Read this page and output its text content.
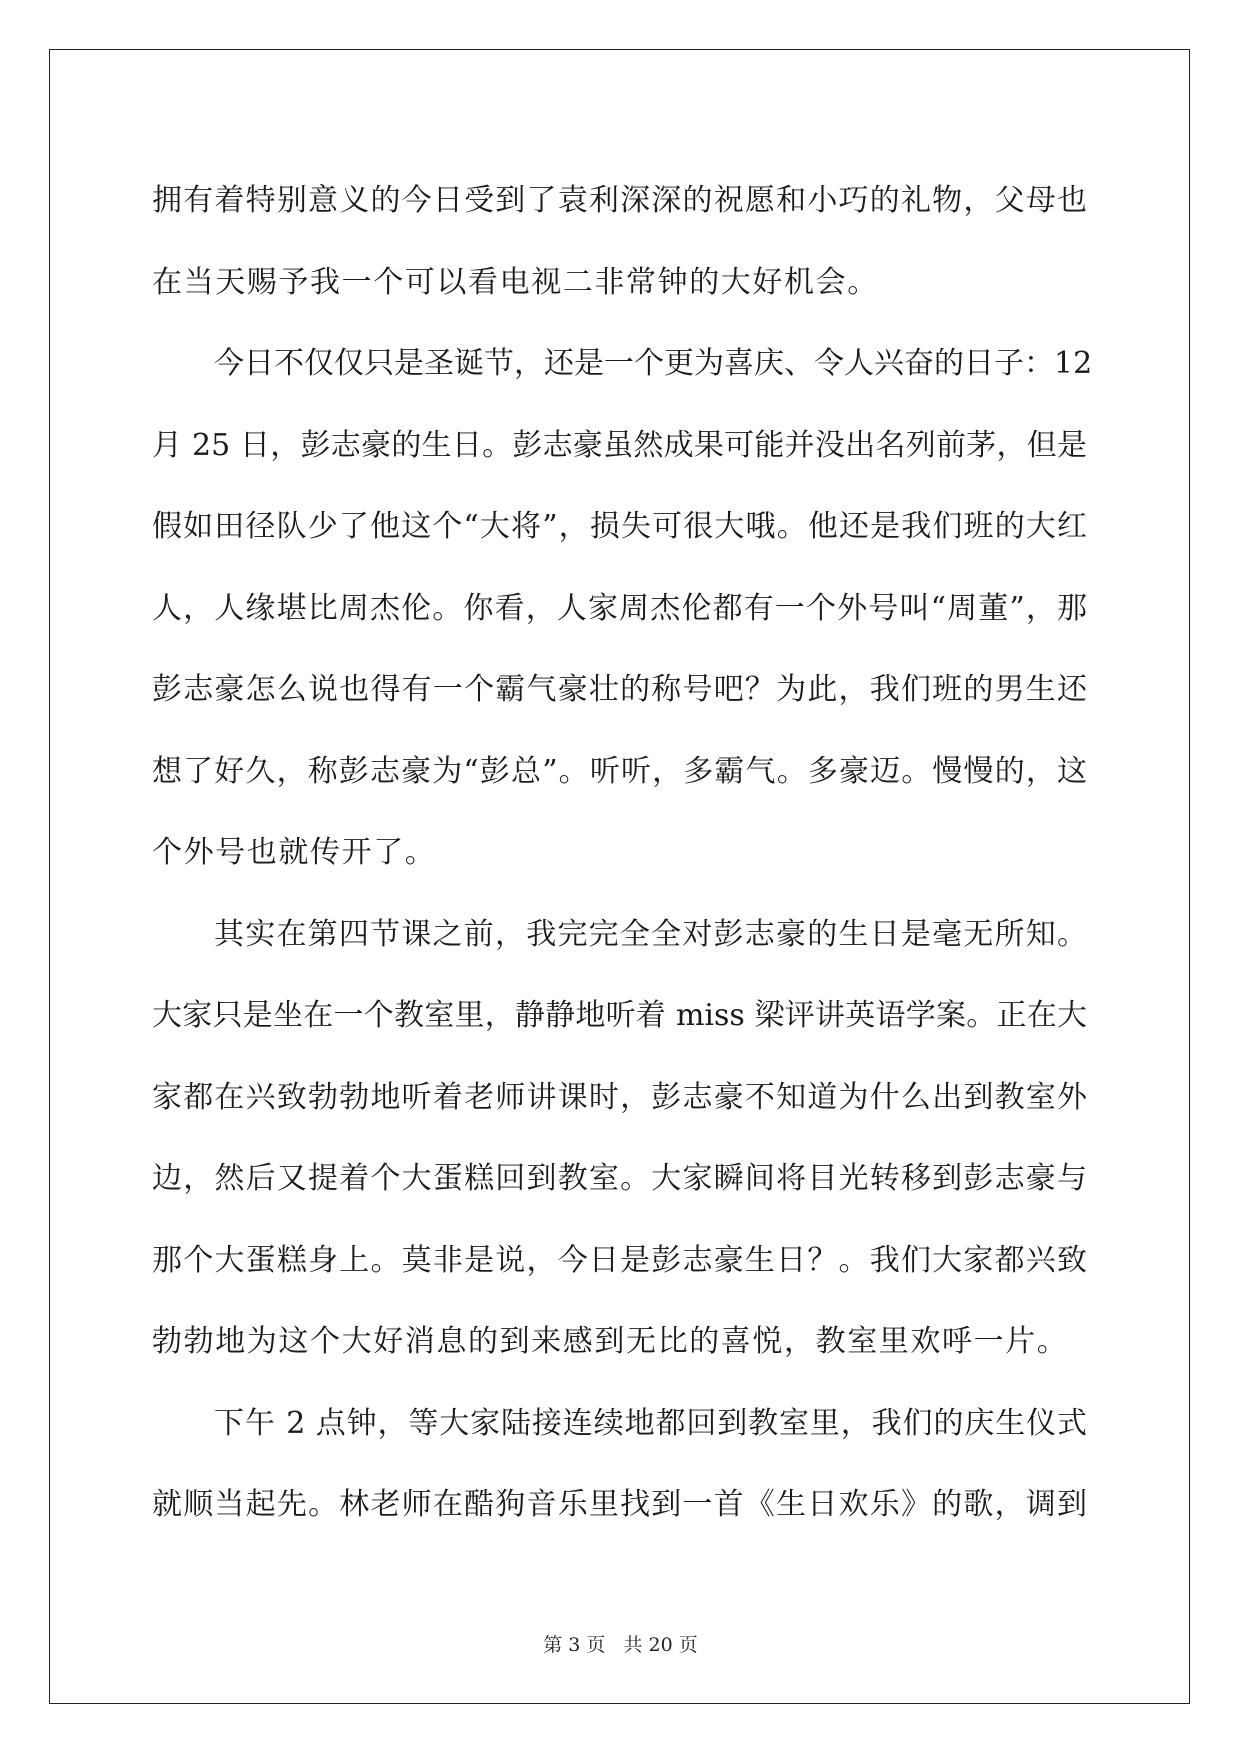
拥有着特别意义的今日受到了袁利深深的祝愿和小巧的礼物，父母也
在当天赐予我一个可以看电视二非常钟的大好机会。
今日不仅仅只是圣诞节，还是一个更为喜庆、令人兴奋的日子：12
月 25 日，彭志豪的生日。彭志豪虽然成果可能并没出名列前茅，但是
假如田径队少了他这个“大将”，损失可很大哦。他还是我们班的大红
人，人缘堪比周杰伦。你看，人家周杰伦都有一个外号叫“周董”，那
彭志豪怎么说也得有一个霸气豪壮的称号吧？为此，我们班的男生还
想了好久，称彭志豪为“彭总”。听听，多霸气。多豪迈。慢慢的，这
个外号也就传开了。
其实在第四节课之前，我完完全全对彭志豪的生日是毫无所知。
大家只是坐在一个教室里，静静地听着 miss 梁评讲英语学案。正在大
家都在兴致勃勃地听着老师讲课时，彭志豪不知道为什么出到教室外
边，然后又提着个大蛋糕回到教室。大家瞬间将目光转移到彭志豪与
那个大蛋糕身上。莫非是说，今日是彭志豪生日？。我们大家都兴致
勃勃地为这个大好消息的到来感到无比的喜悦，教室里欢呼一片。
下午 2 点钟，等大家陆接连续地都回到教室里，我们的庆生仪式
就顺当起先。林老师在酷狗音乐里找到一首《生日欢乐》的歌，调到
第 3 页 共 20 页
